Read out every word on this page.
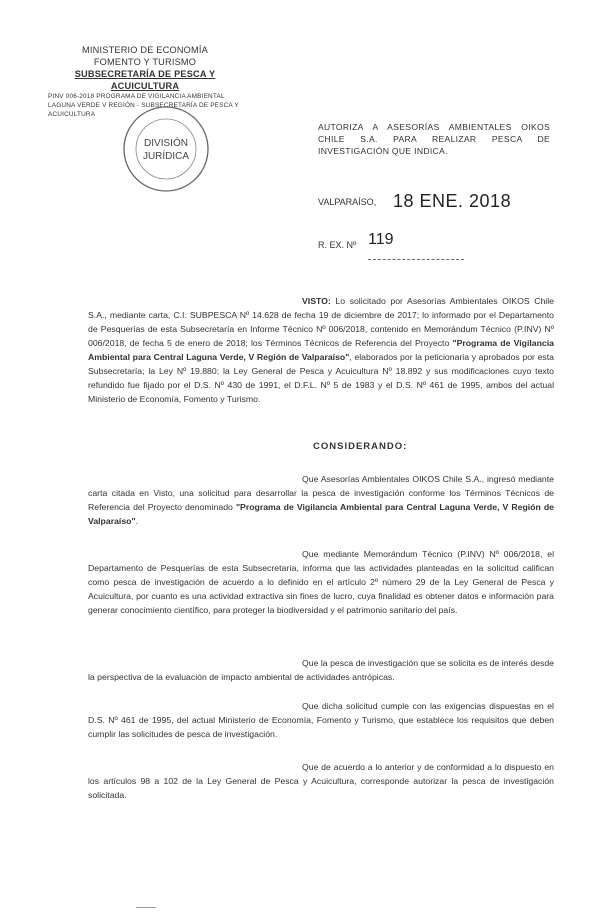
MINISTERIO DE ECONOMÍA
FOMENTO Y TURISMO
SUBSECRETARÍA DE PESCA Y ACUICULTURA
PINV 006-2018 PROGRAMA DE VIGILANCIA AMBIENTAL
LAGUNA VERDE V REGIÓN - SUBSECRETARÍA DE PESCA Y ACUICULTURA
DIVISIÓN
JURÍDICA
AUTORIZA A ASESORÍAS AMBIENTALES OIKOS CHILE S.A. PARA REALIZAR PESCA DE INVESTIGACIÓN QUE INDICA.
VALPARAÍSO, 18 ENE. 2018
R. EX. Nº 119
VISTO: Lo solicitado por Asesorías Ambientales OIKOS Chile S.A., mediante carta, C.I. SUBPESCA Nº 14.628 de fecha 19 de diciembre de 2017; lo informado por el Departamento de Pesquerías de esta Subsecretaría en Informe Técnico Nº 006/2018, contenido en Memorándum Técnico (P.INV) Nº 006/2018, de fecha 5 de enero de 2018; los Términos Técnicos de Referencia del Proyecto "Programa de Vigilancia Ambiental para Central Laguna Verde, V Región de Valparaíso", elaborados por la peticionaria y aprobados por esta Subsecretaría; la Ley Nº 19.880; la Ley General de Pesca y Acuicultura Nº 18.892 y sus modificaciones cuyo texto refundido fue fijado por el D.S. Nº 430 de 1991, el D.F.L. Nº 5 de 1983 y el D.S. Nº 461 de 1995, ambos del actual Ministerio de Economía, Fomento y Turismo.
CONSIDERANDO:
Que Asesorías Ambientales OIKOS Chile S.A., ingresó mediante carta citada en Visto, una solicitud para desarrollar la pesca de investigación conforme los Términos Técnicos de Referencia del Proyecto denominado "Programa de Vigilancia Ambiental para Central Laguna Verde, V Región de Valparaíso".
Que mediante Memorándum Técnico (P.INV) Nº 006/2018, el Departamento de Pesquerías de esta Subsecretaría, informa que las actividades planteadas en la solicitud califican como pesca de investigación de acuerdo a lo definido en el artículo 2º número 29 de la Ley General de Pesca y Acuicultura, por cuanto es una actividad extractiva sin fines de lucro, cuya finalidad es obtener datos e información para generar conocimiento científico, para proteger la biodiversidad y el patrimonio sanitario del país.
Que la pesca de investigación que se solicita es de interés desde la perspectiva de la evaluación de impacto ambiental de actividades antrópicas.
Que dicha solicitud cumple con las exigencias dispuestas en el D.S. Nº 461 de 1995, del actual Ministerio de Economía, Fomento y Turismo, que establece los requisitos que deben cumplir las solicitudes de pesca de investigación.
Que de acuerdo a lo anterior y de conformidad a lo dispuesto en los artículos 98 a 102 de la Ley General de Pesca y Acuicultura, corresponde autorizar la pesca de investigación solicitada.
